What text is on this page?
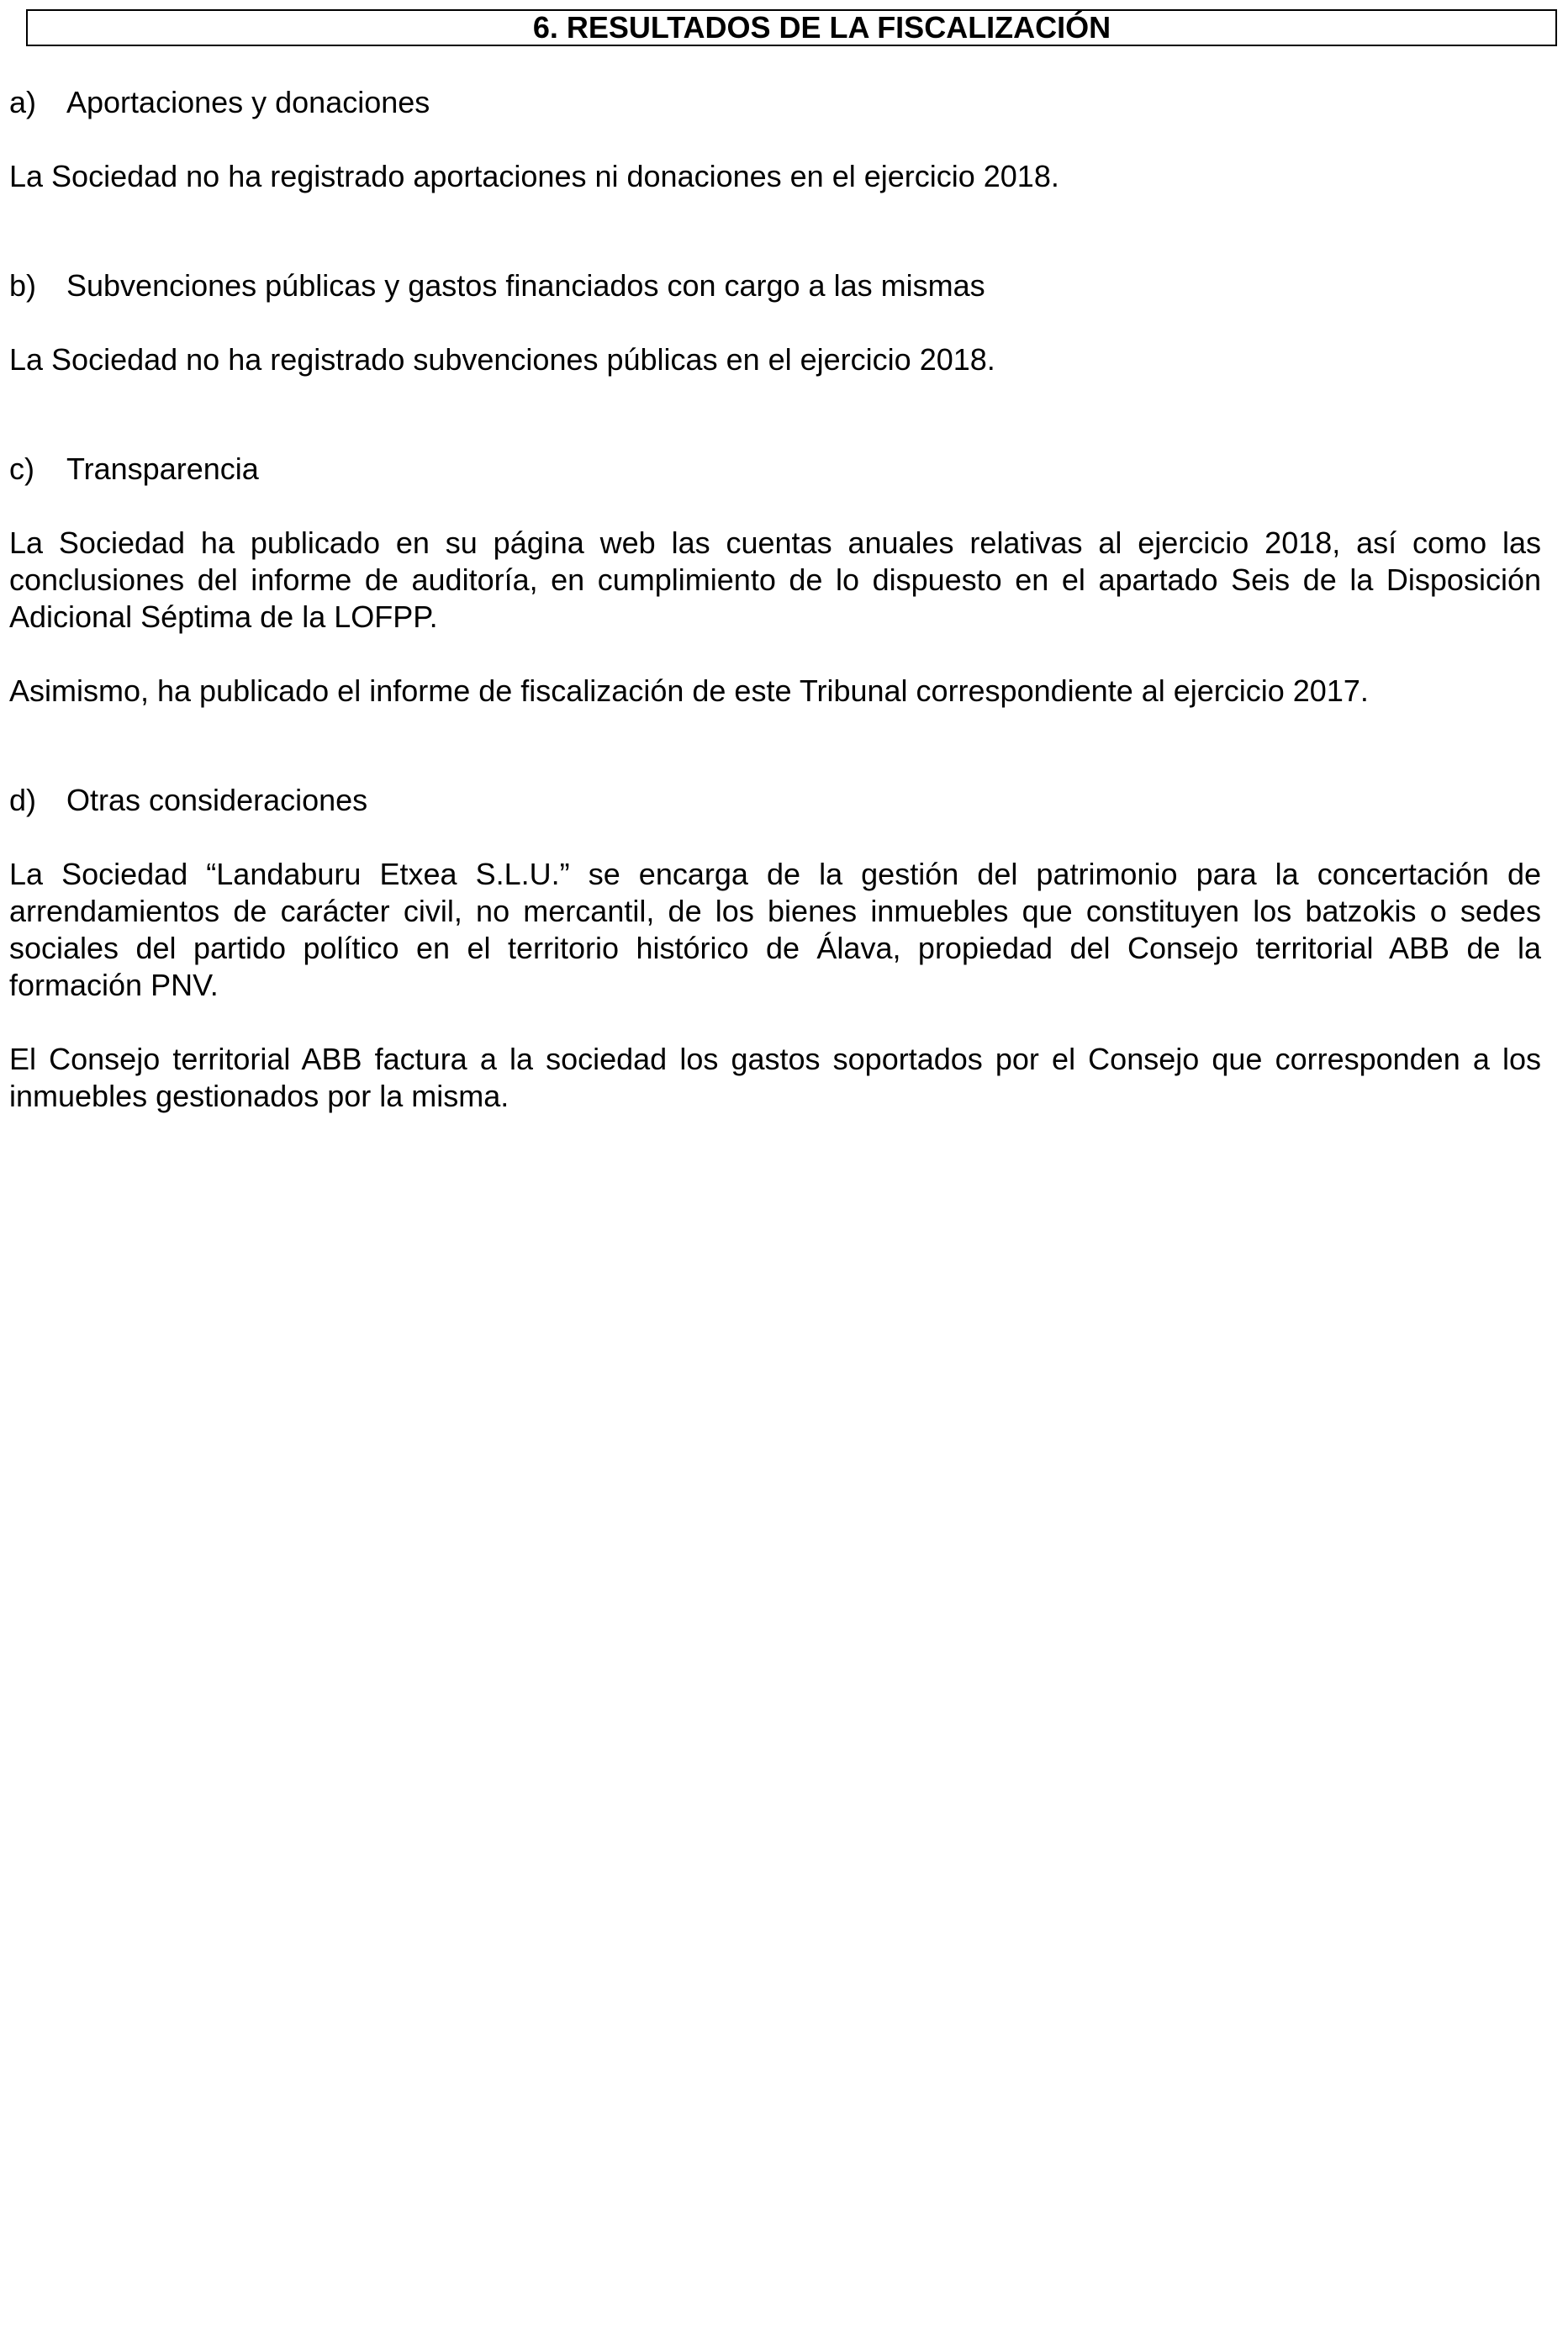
6. RESULTADOS DE LA FISCALIZACIÓN
a) Aportaciones y donaciones
La Sociedad no ha registrado aportaciones ni donaciones en el ejercicio 2018.
b) Subvenciones públicas y gastos financiados con cargo a las mismas
La Sociedad no ha registrado subvenciones públicas en el ejercicio 2018.
c) Transparencia
La Sociedad ha publicado en su página web las cuentas anuales relativas al ejercicio 2018, así como las conclusiones del informe de auditoría, en cumplimiento de lo dispuesto en el apartado Seis de la Disposición Adicional Séptima de la LOFPP.
Asimismo, ha publicado el informe de fiscalización de este Tribunal correspondiente al ejercicio 2017.
d) Otras consideraciones
La Sociedad “Landaburu Etxea S.L.U.” se encarga de la gestión del patrimonio para la concertación de arrendamientos de carácter civil, no mercantil, de los bienes inmuebles que constituyen los batzokis o sedes sociales del partido político en el territorio histórico de Álava, propiedad del Consejo territorial ABB de la formación PNV.
El Consejo territorial ABB factura a la sociedad los gastos soportados por el Consejo que corresponden a los inmuebles gestionados por la misma.
